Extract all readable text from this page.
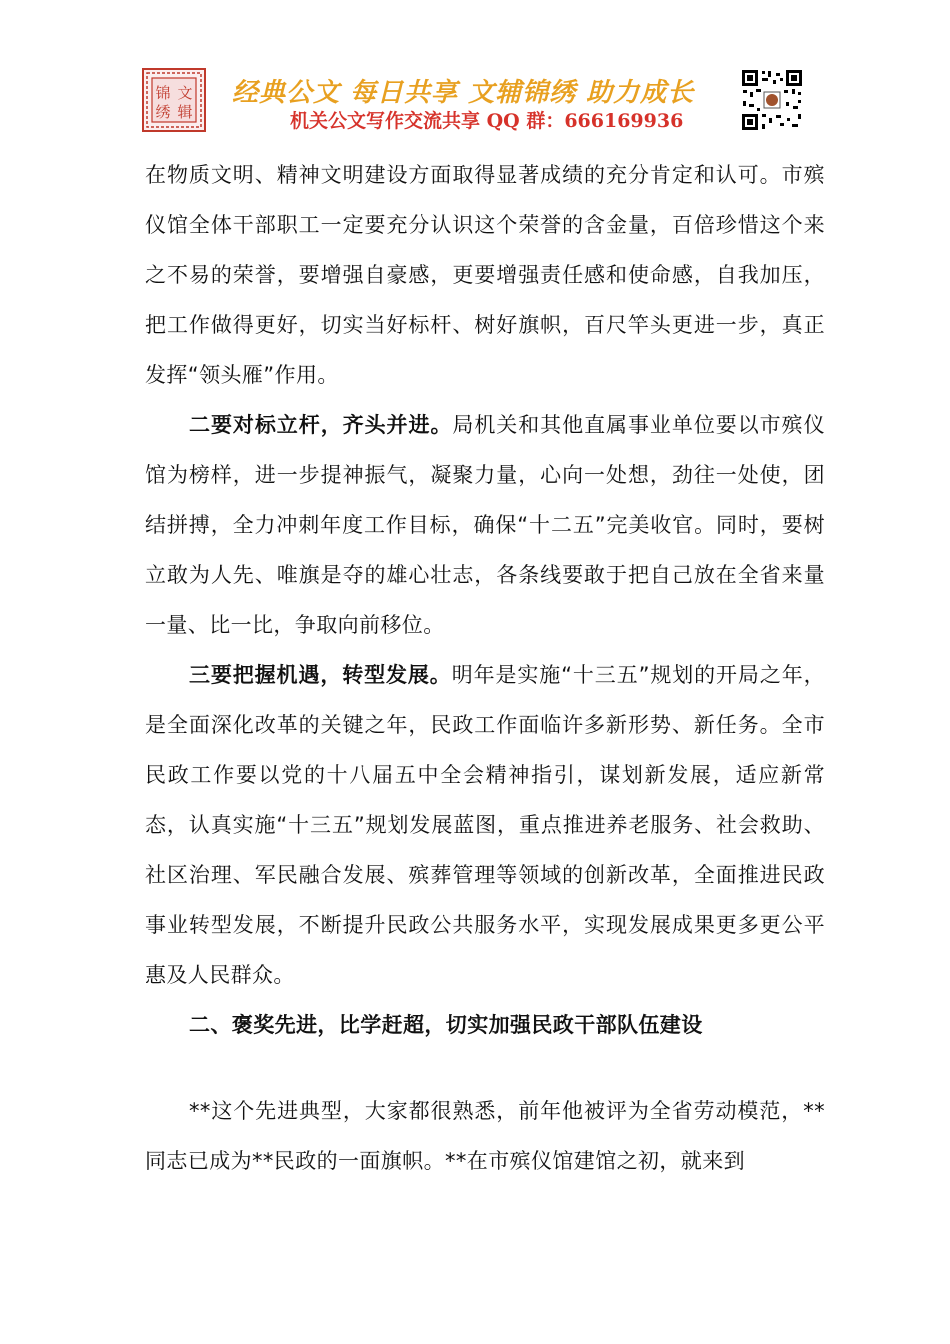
锦 文
绣 辑
经典公文 每日共享 文辅锦绣 助力成长
机关公文写作交流共享 QQ 群：666169936

在物质文明、精神文明建设方面取得显著成绩的充分肯定和认可。市殡仪馆全体干部职工一定要充分认识这个荣誉的含金量，百倍珍惜这个来之不易的荣誉，要增强自豪感，更要增强责任感和使命感，自我加压，把工作做得更好，切实当好标杆、树好旗帜，百尺竿头更进一步，真正发挥“领头雁”作用。

二要对标立杆，齐头并进。局机关和其他直属事业单位要以市殡仪馆为榜样，进一步提神振气，凝聚力量，心向一处想，劲往一处使，团结拼搏，全力冲刺年度工作目标，确保“十二五”完美收官。同时，要树立敢为人先、唯旗是夺的雄心壮志，各条线要敢于把自己放在全省来量一量、比一比，争取向前移位。

三要把握机遇，转型发展。明年是实施“十三五”规划的开局之年，是全面深化改革的关键之年，民政工作面临许多新形势、新任务。全市民政工作要以党的十八届五中全会精神指引，谋划新发展，适应新常态，认真实施“十三五”规划发展蓝图，重点推进养老服务、社会救助、社区治理、军民融合发展、殡葬管理等领域的创新改革，全面推进民政事业转型发展，不断提升民政公共服务水平，实现发展成果更多更公平惠及人民群众。

二、褒奖先进，比学赶超，切实加强民政干部队伍建设

**这个先进典型，大家都很熟悉，前年他被评为全省劳动模范，**同志已成为**民政的一面旗帜。**在市殡仪馆建馆之初，就来到
